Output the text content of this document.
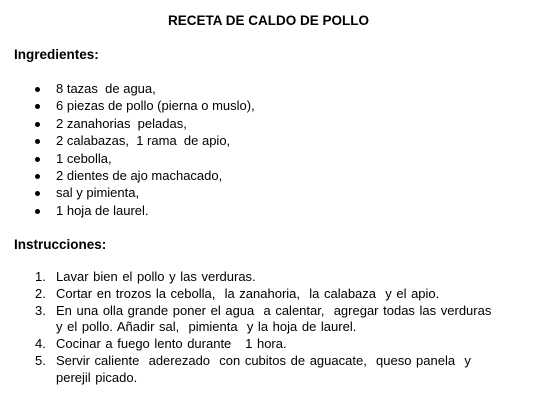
RECETA DE CALDO DE POLLO
Ingredientes:
8 tazas  de agua,
6 piezas de pollo (pierna o muslo),
2 zanahorias  peladas,
2 calabazas,  1 rama  de apio,
1 cebolla,
2 dientes de ajo machacado,
sal y pimienta,
1 hoja de laurel.
Instrucciones:
1. Lavar bien el pollo y las verduras.
2. Cortar en trozos la cebolla,  la zanahoria,  la calabaza  y el apio.
3. En una olla grande poner el agua  a calentar,  agregar todas las verduras
y el pollo. Añadir sal,  pimienta  y la hoja de laurel.
4. Cocinar a fuego lento durante   1 hora.
5. Servir caliente  aderezado  con cubitos de aguacate,  queso panela  y
perejil picado.
